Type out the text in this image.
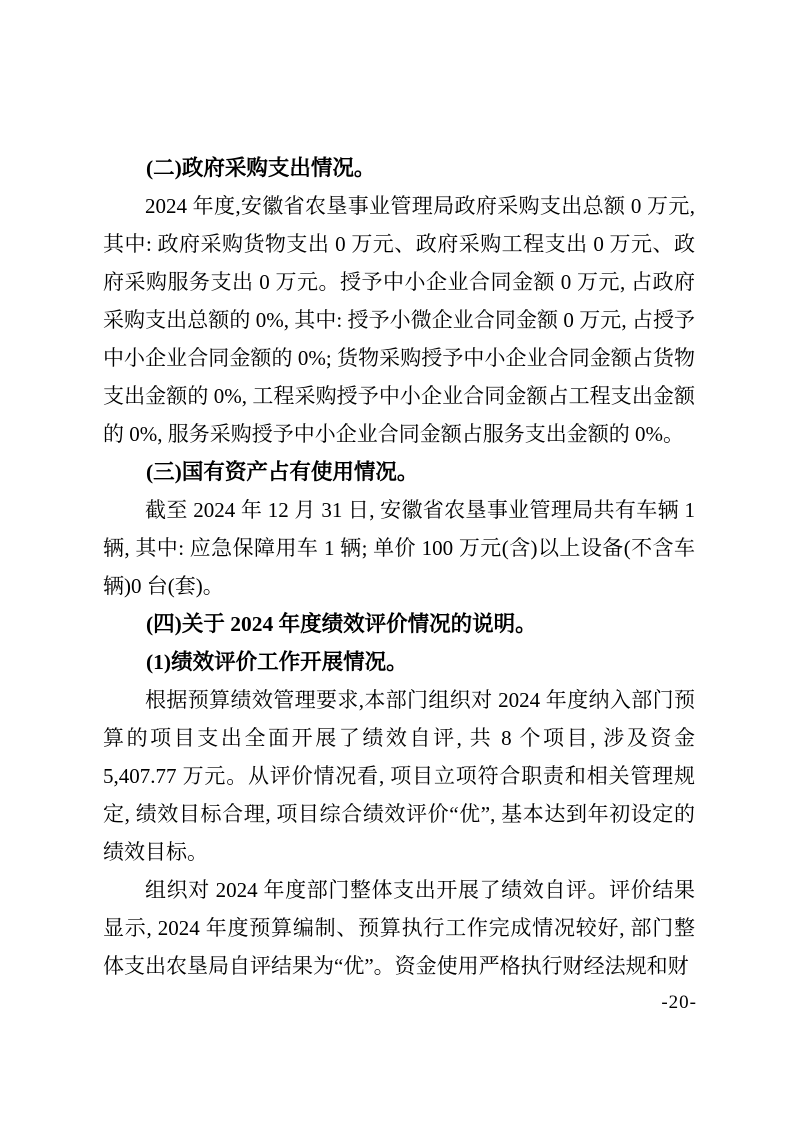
(二)政府采购支出情况。

2024 年度,安徽省农垦事业管理局政府采购支出总额 0 万元,其中: 政府采购货物支出 0 万元、政府采购工程支出 0 万元、政府采购服务支出 0 万元。授予中小企业合同金额 0 万元, 占政府采购支出总额的 0%, 其中: 授予小微企业合同金额 0 万元, 占授予中小企业合同金额的 0%; 货物采购授予中小企业合同金额占货物支出金额的 0%, 工程采购授予中小企业合同金额占工程支出金额的 0%, 服务采购授予中小企业合同金额占服务支出金额的 0%。

(三)国有资产占有使用情况。

截至 2024 年 12 月 31 日, 安徽省农垦事业管理局共有车辆 1 辆, 其中: 应急保障用车 1 辆; 单价 100 万元(含)以上设备(不含车辆)0 台(套)。

(四)关于 2024 年度绩效评价情况的说明。
(1)绩效评价工作开展情况。

根据预算绩效管理要求,本部门组织对 2024 年度纳入部门预算的项目支出全面开展了绩效自评, 共 8 个项目, 涉及资金 5,407.77 万元。从评价情况看, 项目立项符合职责和相关管理规定, 绩效目标合理, 项目综合绩效评价“优”, 基本达到年初设定的绩效目标。

组织对 2024 年度部门整体支出开展了绩效自评。评价结果显示, 2024 年度预算编制、预算执行工作完成情况较好, 部门整体支出农垦局自评结果为“优”。资金使用严格执行财经法规和财

-20-
